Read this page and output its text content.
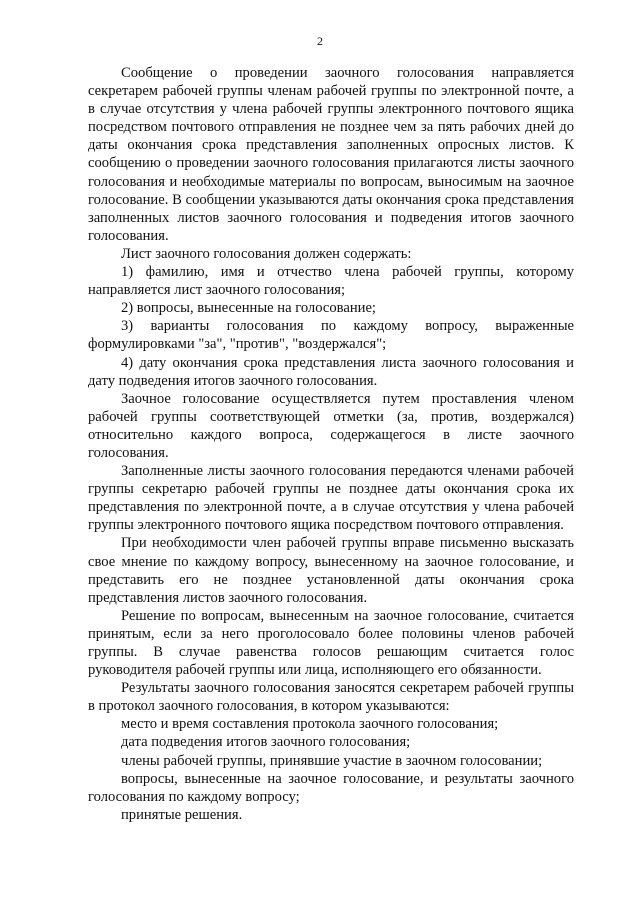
2

Сообщение о проведении заочного голосования направляется секретарем рабочей группы членам рабочей группы по электронной почте, а в случае отсутствия у члена рабочей группы электронного почтового ящика посредством почтового отправления не позднее чем за пять рабочих дней до даты окончания срока представления заполненных опросных листов. К сообщению о проведении заочного голосования прилагаются листы заочного голосования и необходимые материалы по вопросам, выносимым на заочное голосование. В сообщении указываются даты окончания срока представления заполненных листов заочного голосования и подведения итогов заочного голосования.

Лист заочного голосования должен содержать:

1) фамилию, имя и отчество члена рабочей группы, которому направляется лист заочного голосования;

2) вопросы, вынесенные на голосование;

3) варианты голосования по каждому вопросу, выраженные формулировками "за", "против", "воздержался";

4) дату окончания срока представления листа заочного голосования и дату подведения итогов заочного голосования.

Заочное голосование осуществляется путем проставления членом рабочей группы соответствующей отметки (за, против, воздержался) относительно каждого вопроса, содержащегося в листе заочного голосования.

Заполненные листы заочного голосования передаются членами рабочей группы секретарю рабочей группы не позднее даты окончания срока их представления по электронной почте, а в случае отсутствия у члена рабочей группы электронного почтового ящика посредством почтового отправления.

При необходимости член рабочей группы вправе письменно высказать свое мнение по каждому вопросу, вынесенному на заочное голосование, и представить его не позднее установленной даты окончания срока представления листов заочного голосования.

Решение по вопросам, вынесенным на заочное голосование, считается принятым, если за него проголосовало более половины членов рабочей группы. В случае равенства голосов решающим считается голос руководителя рабочей группы или лица, исполняющего его обязанности.

Результаты заочного голосования заносятся секретарем рабочей группы в протокол заочного голосования, в котором указываются:

место и время составления протокола заочного голосования;

дата подведения итогов заочного голосования;

члены рабочей группы, принявшие участие в заочном голосовании;

вопросы, вынесенные на заочное голосование, и результаты заочного голосования по каждому вопросу;

принятые решения.
